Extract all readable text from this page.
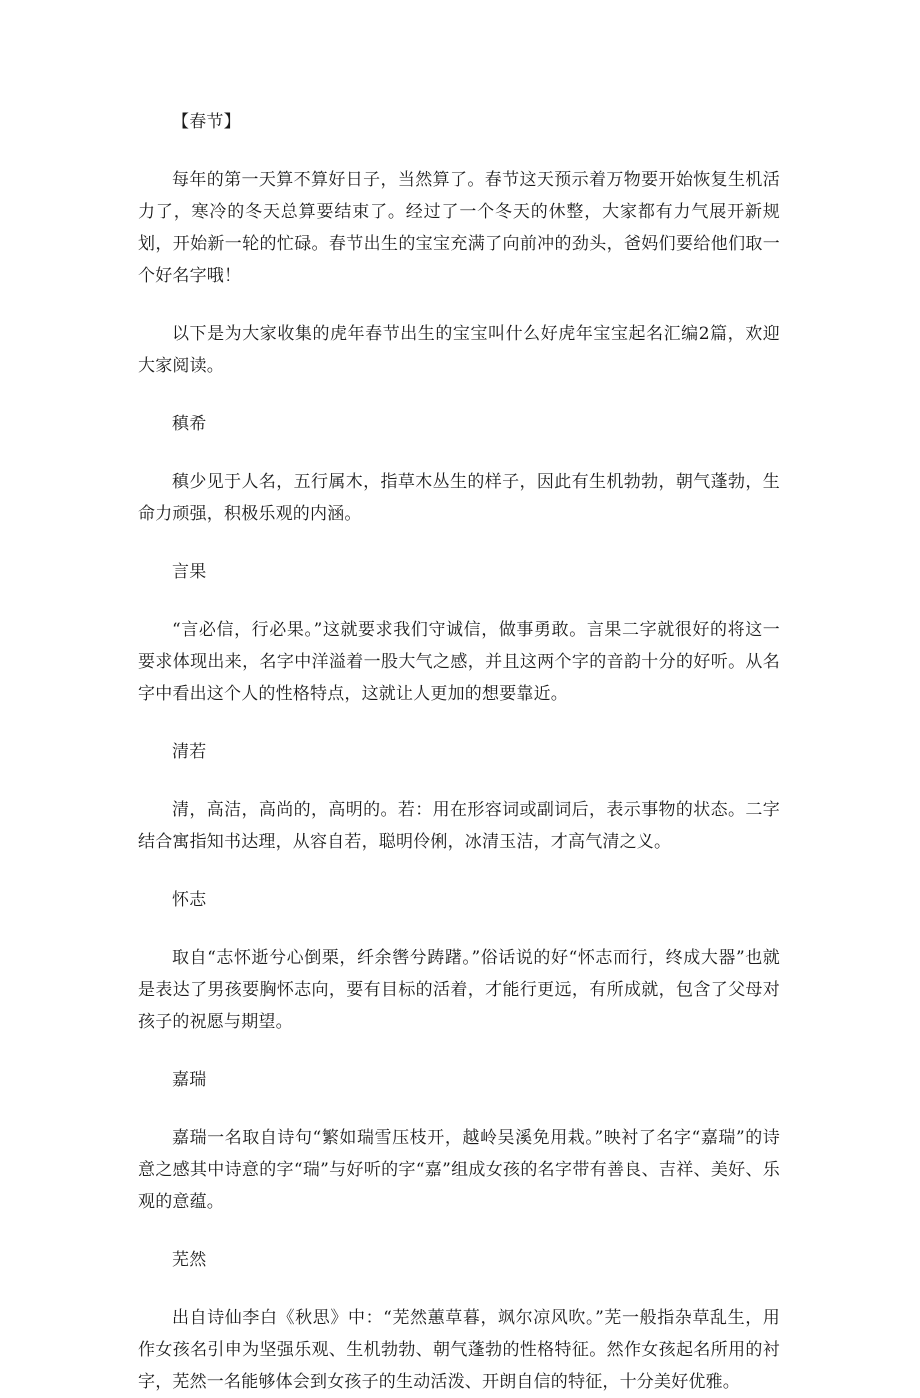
【春节】

每年的第一天算不算好日子，当然算了。春节这天预示着万物要开始恢复生机活力了，寒冷的冬天总算要结束了。经过了一个冬天的休整，大家都有力气展开新规划，开始新一轮的忙碌。春节出生的宝宝充满了向前冲的劲头，爸妈们要给他们取一个好名字哦！

以下是为大家收集的虎年春节出生的宝宝叫什么好虎年宝宝起名汇编2篇，欢迎大家阅读。

稹希

稹少见于人名，五行属木，指草木丛生的样子，因此有生机勃勃，朝气蓬勃，生命力顽强，积极乐观的内涵。

言果

“言必信，行必果。”这就要求我们守诚信，做事勇敢。言果二字就很好的将这一要求体现出来，名字中洋溢着一股大气之感，并且这两个字的音韵十分的好听。从名字中看出这个人的性格特点，这就让人更加的想要靠近。

清若

清，高洁，高尚的，高明的。若：用在形容词或副词后，表示事物的状态。二字结合寓指知书达理，从容自若，聪明伶俐，冰清玉洁，才高气清之义。

怀志

取自“志怀逝兮心倒栗，纤余辔兮踌躇。”俗话说的好“怀志而行，终成大器”也就是表达了男孩要胸怀志向，要有目标的活着，才能行更远，有所成就，包含了父母对孩子的祝愿与期望。

嘉瑞

嘉瑞一名取自诗句“繁如瑞雪压枝开，越岭吴溪免用栽。”映衬了名字“嘉瑞”的诗意之感其中诗意的字“瑞”与好听的字“嘉”组成女孩的名字带有善良、吉祥、美好、乐观的意蕴。

芜然

出自诗仙李白《秋思》中：“芜然蕙草暮，飒尔凉风吹。”芜一般指杂草乱生，用作女孩名引申为坚强乐观、生机勃勃、朝气蓬勃的性格特征。然作女孩起名所用的衬字，芜然一名能够体会到女孩子的生动活泼、开朗自信的特征，十分美好优雅。
